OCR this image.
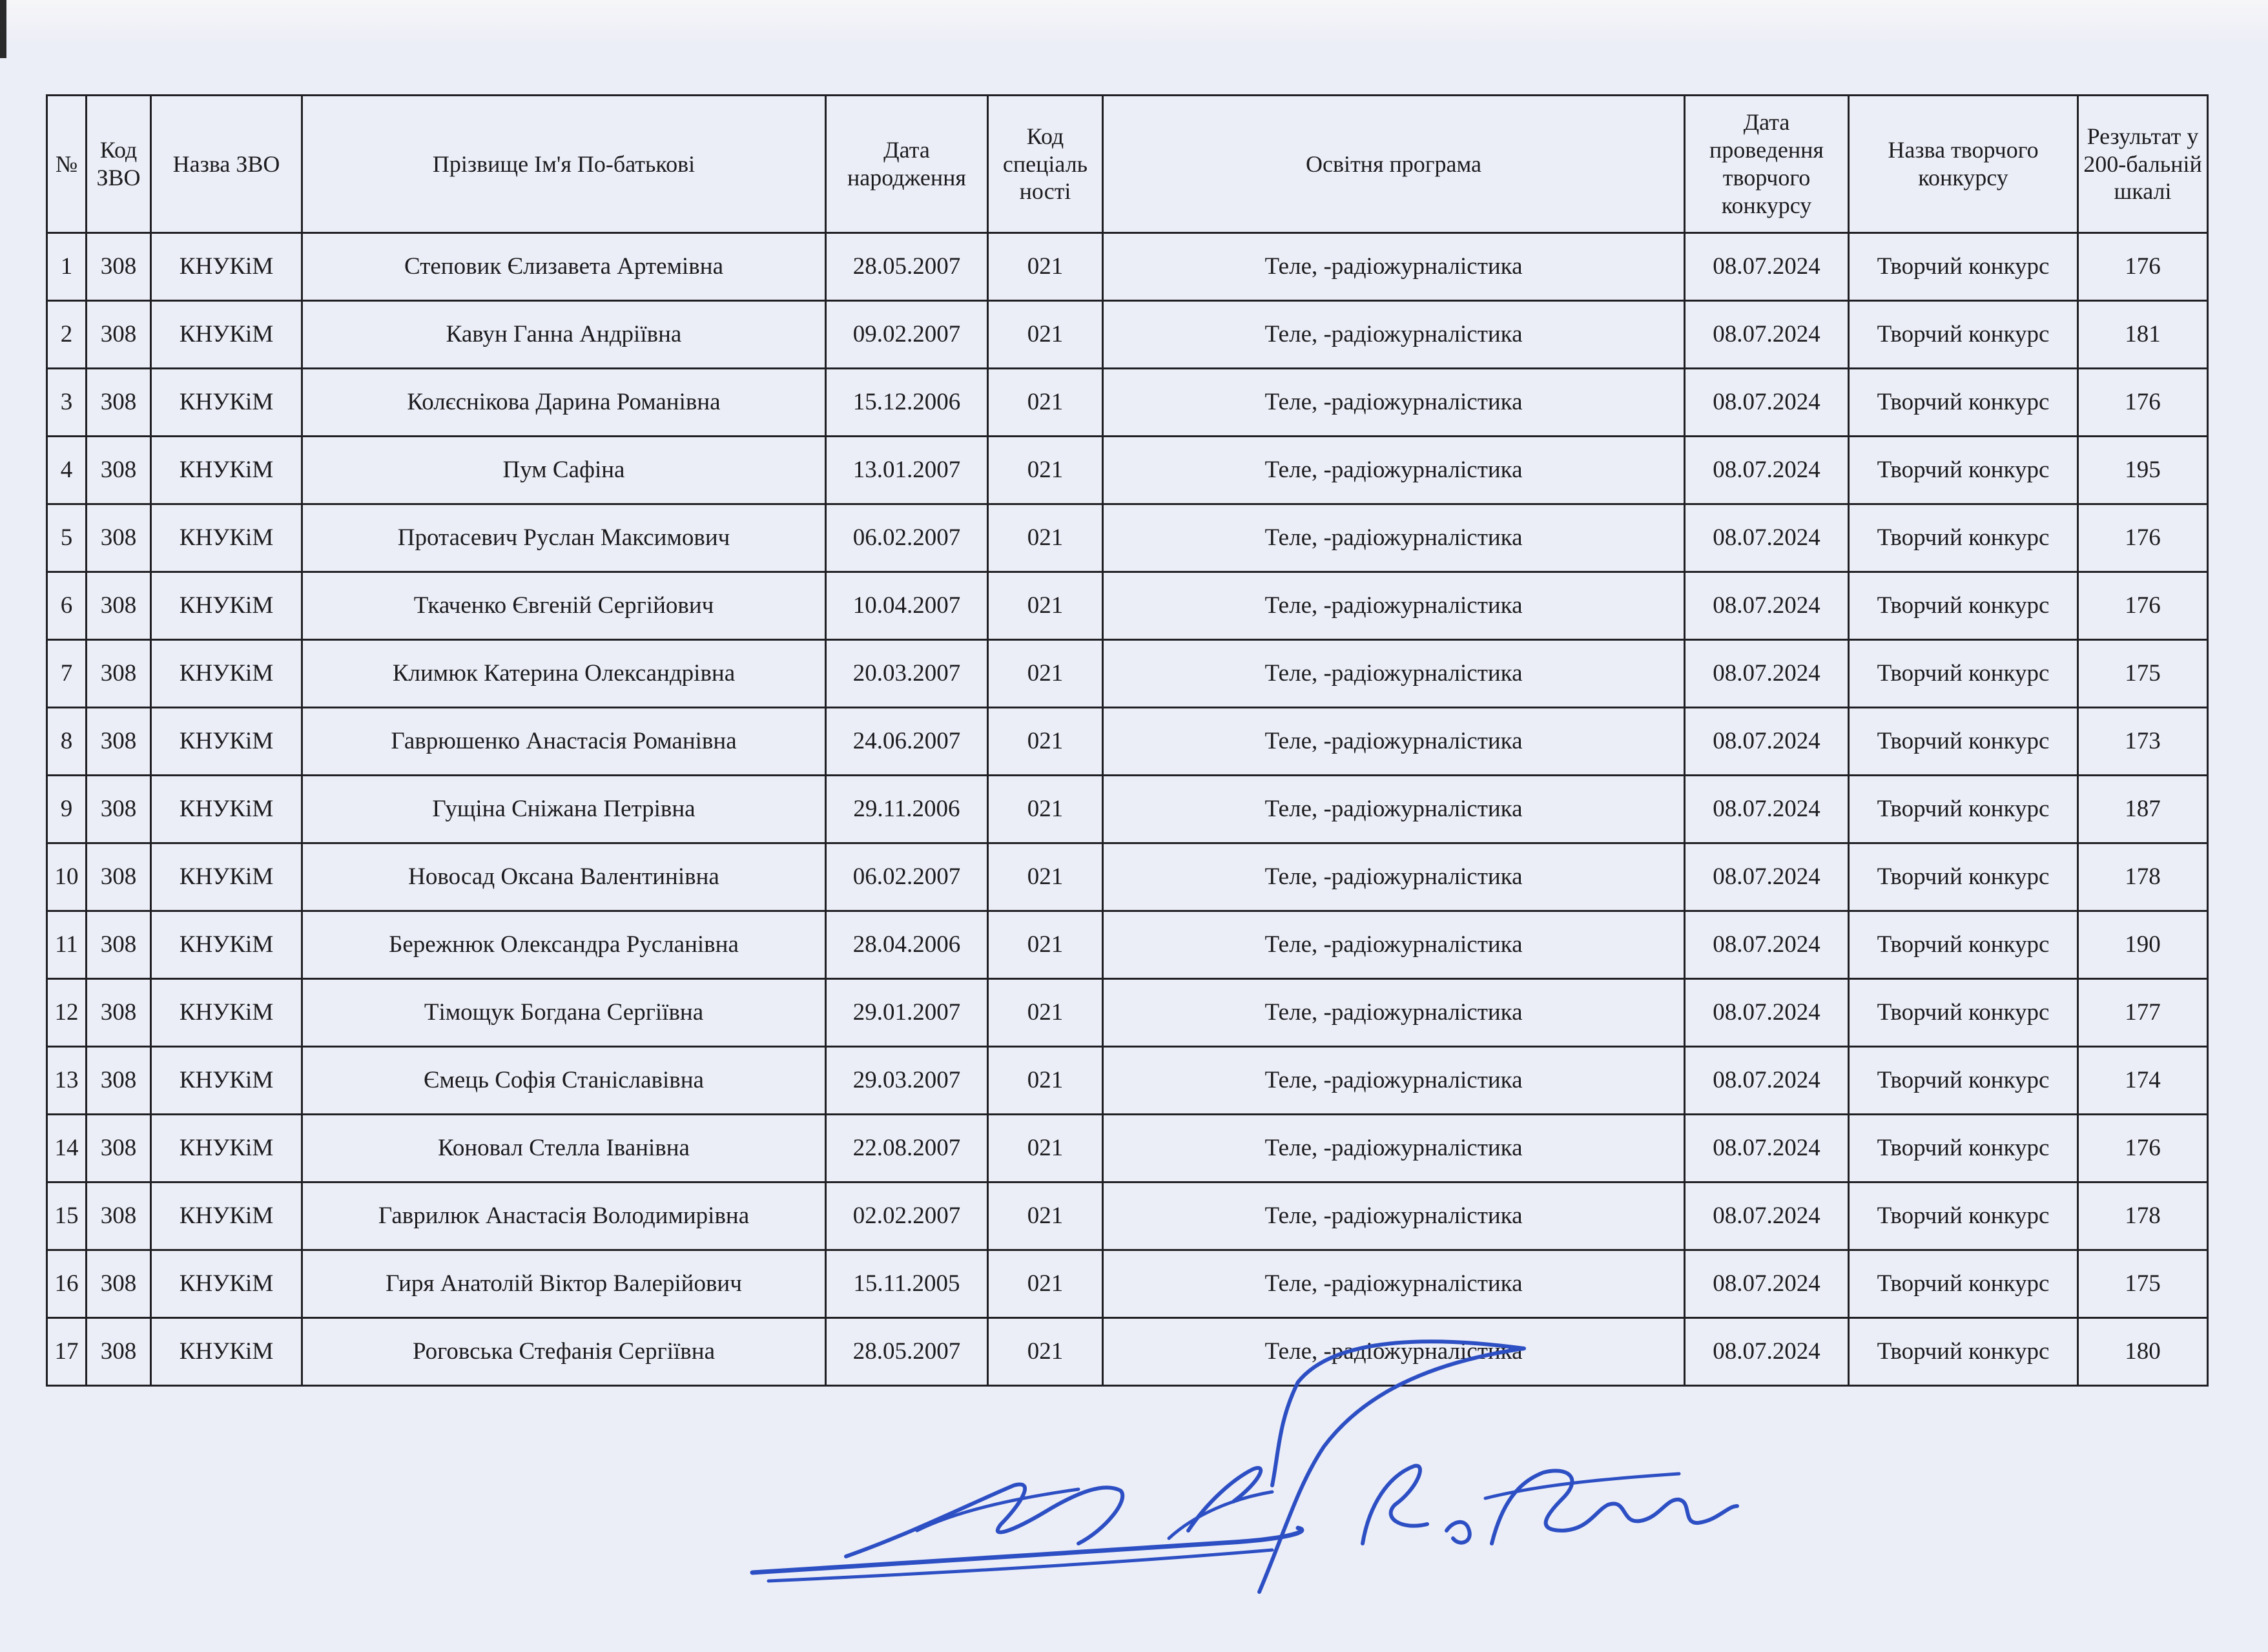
№	Код ЗВО	Назва ЗВО	Прізвище Ім'я По-батькові	Дата народження	Код спеціаль ності	Освітня програма	Дата проведення творчого конкурсу	Назва творчого конкурсу	Результат у 200-бальній шкалі
1	308	КНУКіМ	Степовик Єлизавета Артемівна	28.05.2007	021	Теле, -радіожурналістика	08.07.2024	Творчий конкурс	176
2	308	КНУКіМ	Кавун Ганна Андріївна	09.02.2007	021	Теле, -радіожурналістика	08.07.2024	Творчий конкурс	181
3	308	КНУКіМ	Колєснікова Дарина Романівна	15.12.2006	021	Теле, -радіожурналістика	08.07.2024	Творчий конкурс	176
4	308	КНУКіМ	Пум Сафіна	13.01.2007	021	Теле, -радіожурналістика	08.07.2024	Творчий конкурс	195
5	308	КНУКіМ	Протасевич Руслан Максимович	06.02.2007	021	Теле, -радіожурналістика	08.07.2024	Творчий конкурс	176
6	308	КНУКіМ	Ткаченко Євгеній Сергійович	10.04.2007	021	Теле, -радіожурналістика	08.07.2024	Творчий конкурс	176
7	308	КНУКіМ	Климюк Катерина Олександрівна	20.03.2007	021	Теле, -радіожурналістика	08.07.2024	Творчий конкурс	175
8	308	КНУКіМ	Гаврюшенко Анастасія Романівна	24.06.2007	021	Теле, -радіожурналістика	08.07.2024	Творчий конкурс	173
9	308	КНУКіМ	Гущіна Сніжана Петрівна	29.11.2006	021	Теле, -радіожурналістика	08.07.2024	Творчий конкурс	187
10	308	КНУКіМ	Новосад Оксана Валентинівна	06.02.2007	021	Теле, -радіожурналістика	08.07.2024	Творчий конкурс	178
11	308	КНУКіМ	Бережнюк Олександра Русланівна	28.04.2006	021	Теле, -радіожурналістика	08.07.2024	Творчий конкурс	190
12	308	КНУКіМ	Тімощук Богдана Сергіївна	29.01.2007	021	Теле, -радіожурналістика	08.07.2024	Творчий конкурс	177
13	308	КНУКіМ	Ємець Софія Станіславівна	29.03.2007	021	Теле, -радіожурналістика	08.07.2024	Творчий конкурс	174
14	308	КНУКіМ	Коновал Стелла Іванівна	22.08.2007	021	Теле, -радіожурналістика	08.07.2024	Творчий конкурс	176
15	308	КНУКіМ	Гаврилюк Анастасія Володимирівна	02.02.2007	021	Теле, -радіожурналістика	08.07.2024	Творчий конкурс	178
16	308	КНУКіМ	Гиря Анатолій Віктор Валерійович	15.11.2005	021	Теле, -радіожурналістика	08.07.2024	Творчий конкурс	175
17	308	КНУКіМ	Роговська Стефанія Сергіївна	28.05.2007	021	Теле, -радіожурналістика	08.07.2024	Творчий конкурс	180
